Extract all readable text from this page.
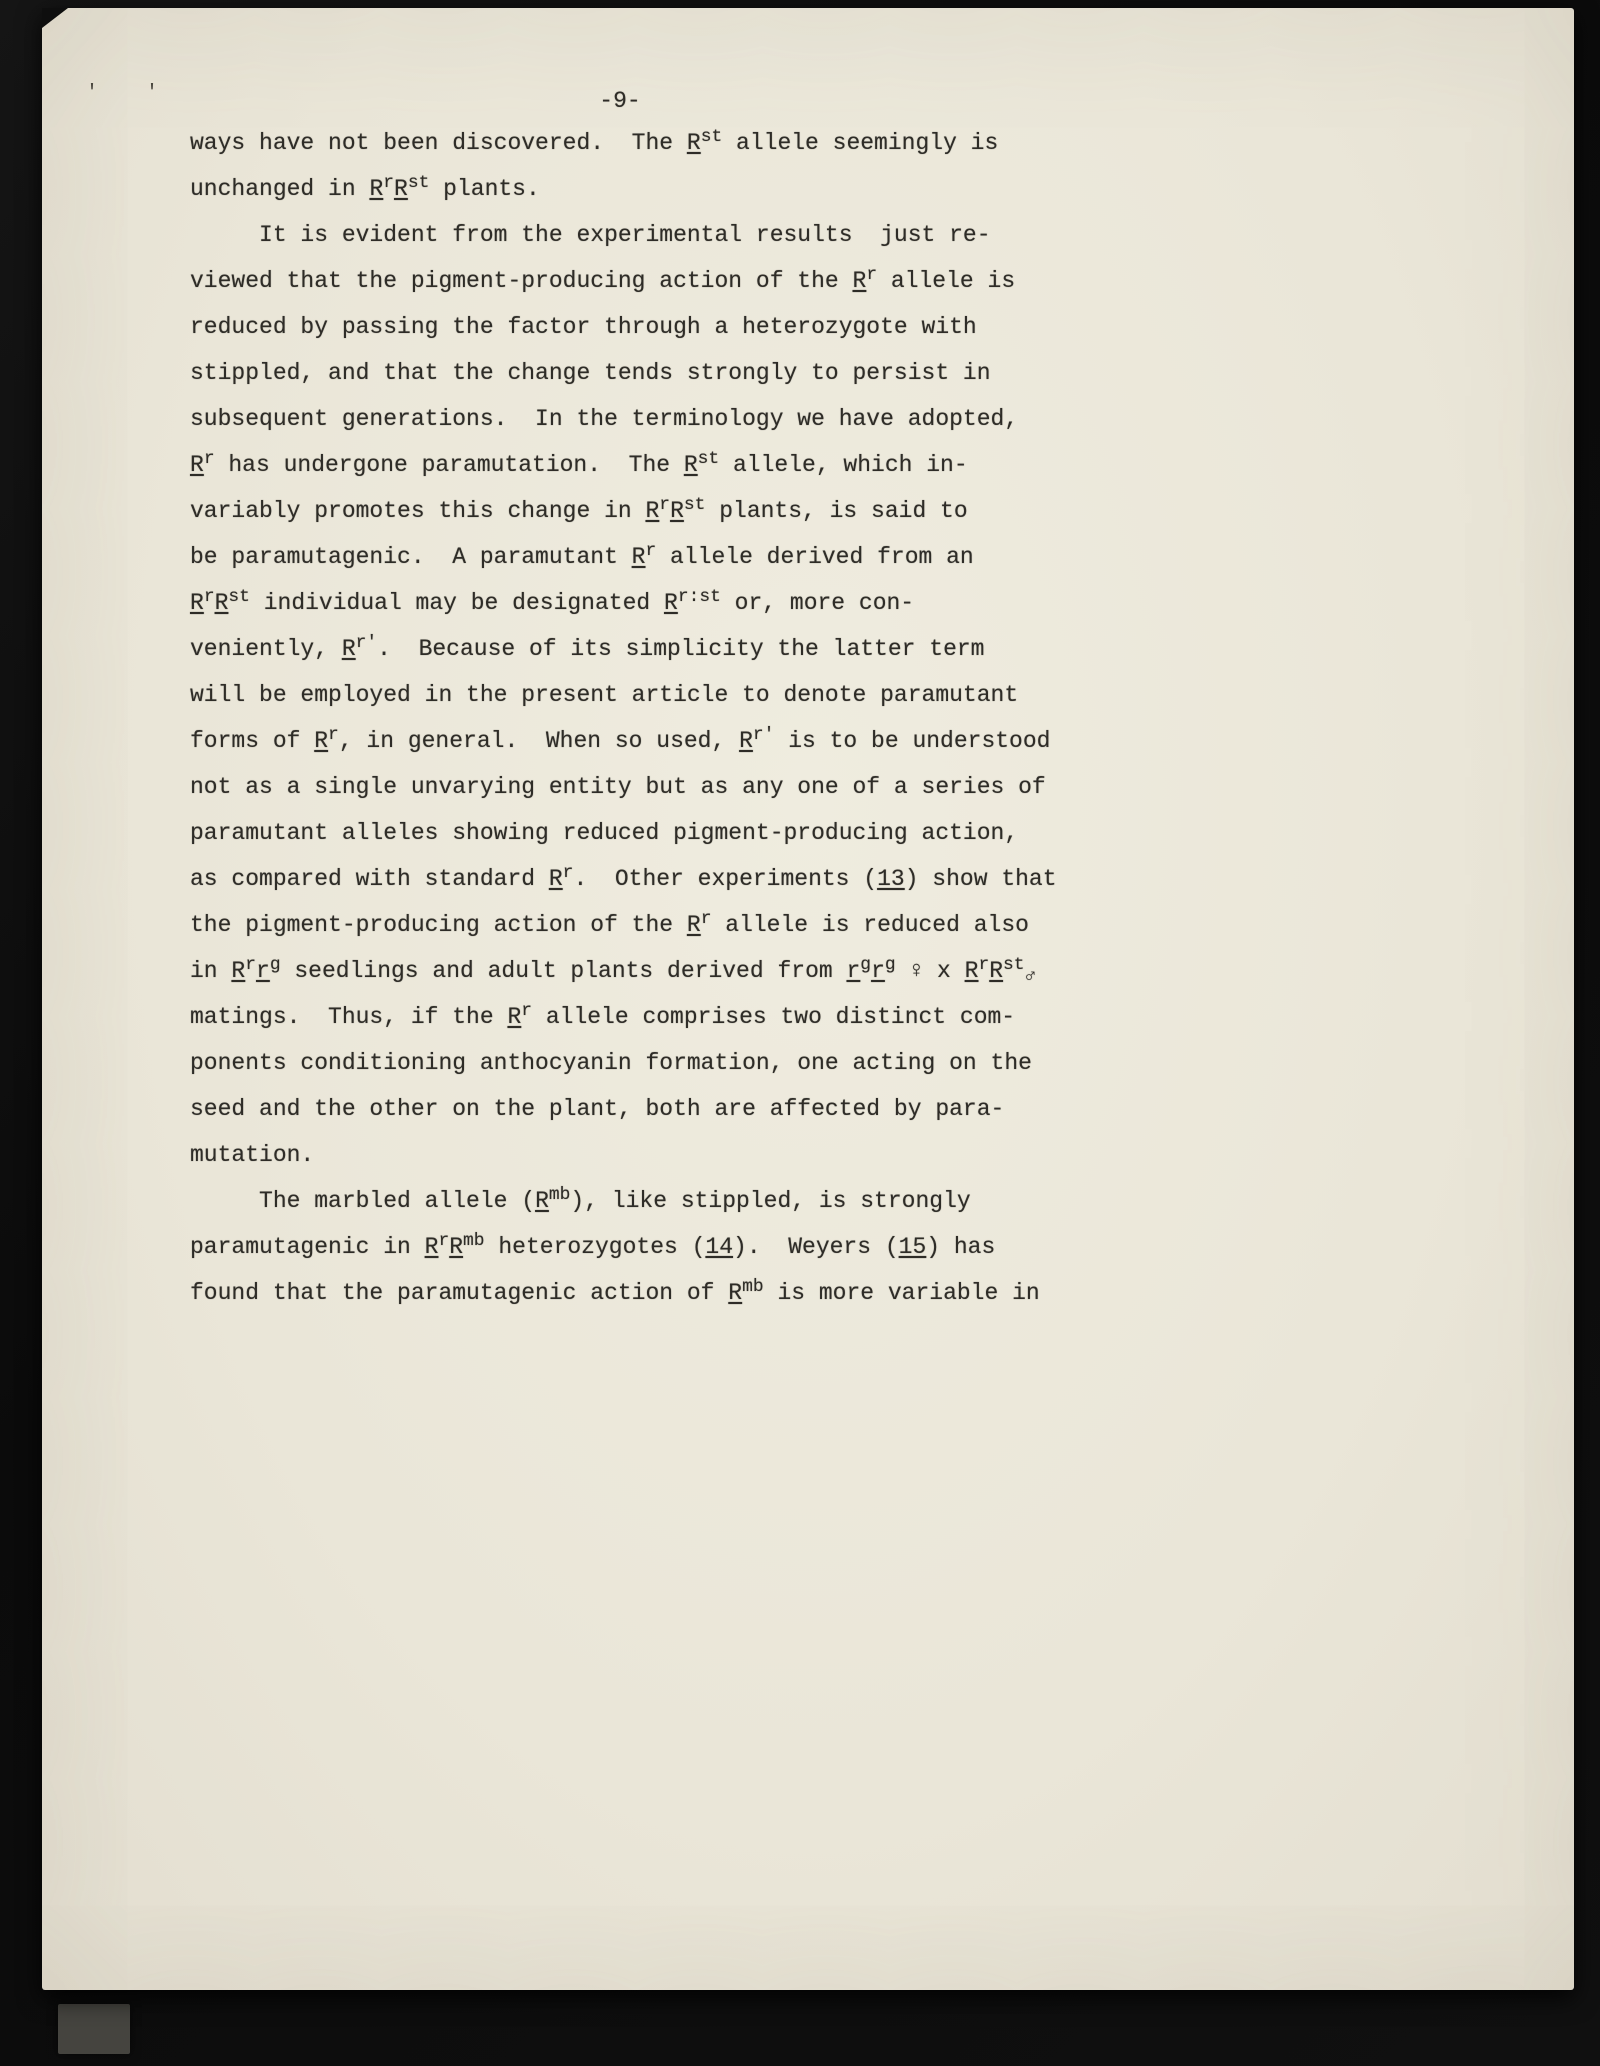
'    '	-9-
ways have not been discovered.  The $R^{st}$ allele seemingly is
unchanged in $R^rR^{st}$ plants.
It is evident from the experimental results  just re-
viewed that the pigment-producing action of the $R^r$ allele is
reduced by passing the factor through a heterozygote with
stippled, and that the change tends strongly to persist in
subsequent generations.  In the terminology we have adopted,
$R^r$ has undergone paramutation.  The $R^{st}$ allele, which in-
variably promotes this change in $R^rR^{st}$ plants, is said to
be paramutagenic.  A paramutant $R^r$ allele derived from an
$R^rR^{st}$ individual may be designated $R^{r:st}$ or, more con-
veniently, $R^{r'}$.  Because of its simplicity the latter term
will be employed in the present article to denote paramutant
forms of $R^r$, in general.  When so used, $R^{r'}$ is to be understood
not as a single unvarying entity but as any one of a series of
paramutant alleles showing reduced pigment-producing action,
as compared with standard $R^r$.  Other experiments (13) show that
the pigment-producing action of the $R^r$ allele is reduced also
in $R^rr^g$ seedlings and adult plants derived from $r^gr^g$ ♀ x $R^rR^{st}♂$
matings.  Thus, if the $R^r$ allele comprises two distinct com-
ponents conditioning anthocyanin formation, one acting on the
seed and the other on the plant, both are affected by para-
mutation.
The marbled allele $(R^{mb})$, like stippled, is strongly
paramutagenic in $R^rR^{mb}$ heterozygotes (14).  Weyers (15) has
found that the paramutagenic action of $R^{mb}$ is more variable in
